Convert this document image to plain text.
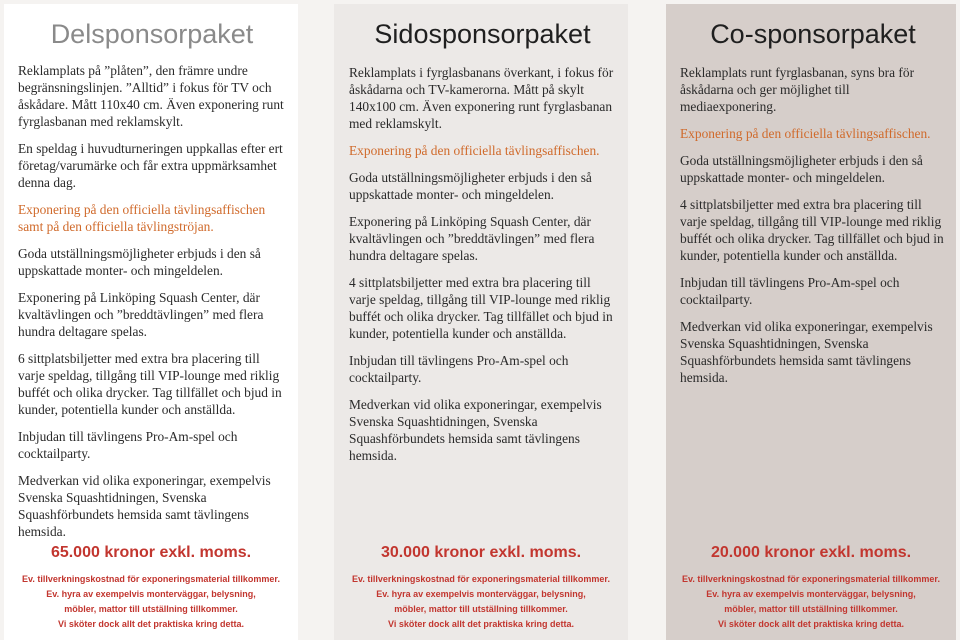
Delsponsorpaket

Reklamplats på ”plåten”, den främre undre begränsningslinjen. ”Alltid” i fokus för TV och åskådare. Mått 110x40 cm. Även exponering runt fyrglasbanan med reklamskylt.

En speldag i huvudturneringen uppkallas efter ert företag/varumärke och får extra uppmärksamhet denna dag.

Exponering på den officiella tävlingsaffischen samt på den officiella tävlingströjan.

Goda utställningsmöjligheter erbjuds i den så uppskattade monter- och mingeldelen.

Exponering på Linköping Squash Center, där kvaltävlingen och ”breddtävlingen” med flera hundra deltagare spelas.

6 sittplatsbiljetter med extra bra placering till varje speldag, tillgång till VIP-lounge med riklig buffét och olika drycker. Tag tillfället och bjud in kunder, potentiella kunder och anställda.

Inbjudan till tävlingens Pro-Am-spel och cocktailparty.

Medverkan vid olika exponeringar, exempelvis Svenska Squashtidningen, Svenska Squashförbundets hemsida samt tävlingens hemsida.

65.000 kronor exkl. moms.
Ev. tillverkningskostnad för exponeringsmaterial tillkommer.
Ev. hyra av exempelvis monterväggar, belysning,
möbler, mattor till utställning tillkommer.
Vi sköter dock allt det praktiska kring detta.
Sidosponsorpaket

Reklamplats i fyrglasbanans överkant, i fokus för åskådarna och TV-kamerorna. Mått på skylt 140x100 cm. Även exponering runt fyrglasbanan med reklamskylt.

Exponering på den officiella tävlingsaffischen.

Goda utställningsmöjligheter erbjuds i den så uppskattade monter- och mingeldelen.

Exponering på Linköping Squash Center, där kvaltävlingen och ”breddtävlingen” med flera hundra deltagare spelas.

4 sittplatsbiljetter med extra bra placering till varje speldag, tillgång till VIP-lounge med riklig buffét och olika drycker. Tag tillfället och bjud in kunder, potentiella kunder och anställda.

Inbjudan till tävlingens Pro-Am-spel och cocktailparty.

Medverkan vid olika exponeringar, exempelvis Svenska Squashtidningen, Svenska Squashförbundets hemsida samt tävlingens hemsida.

30.000 kronor exkl. moms.
Ev. tillverkningskostnad för exponeringsmaterial tillkommer.
Ev. hyra av exempelvis monterväggar, belysning,
möbler, mattor till utställning tillkommer.
Vi sköter dock allt det praktiska kring detta.
Co-sponsorpaket

Reklamplats runt fyrglasbanan, syns bra för åskådarna och ger möjlighet till mediaexponering.

Exponering på den officiella tävlingsaffischen.

Goda utställningsmöjligheter erbjuds i den så uppskattade monter- och mingeldelen.

4 sittplatsbiljetter med extra bra placering till varje speldag, tillgång till VIP-lounge med riklig buffét och olika drycker. Tag tillfället och bjud in kunder, potentiella kunder och anställda.

Inbjudan till tävlingens Pro-Am-spel och cocktailparty.

Medverkan vid olika exponeringar, exempelvis Svenska Squashtidningen, Svenska Squashförbundets hemsida samt tävlingens hemsida.

20.000 kronor exkl. moms.
Ev. tillverkningskostnad för exponeringsmaterial tillkommer.
Ev. hyra av exempelvis monterväggar, belysning,
möbler, mattor till utställning tillkommer.
Vi sköter dock allt det praktiska kring detta.
